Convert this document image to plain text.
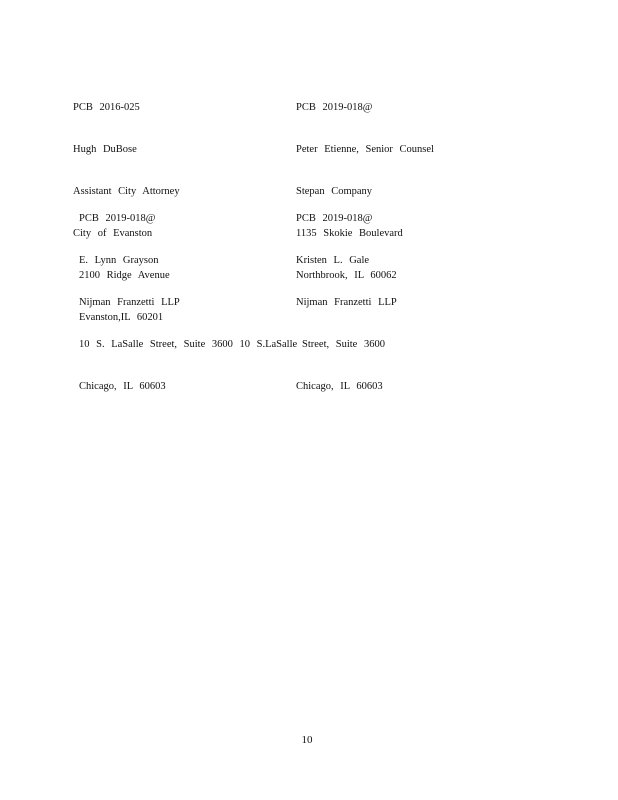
PCB 2016-025

Hugh DuBose

Assistant City Attorney

City of Evanston

2100 Ridge Avenue

Evanston,IL 60201

PCB 2019-018@

Peter Etienne, Senior Counsel

Stepan Company

1135 Skokie Boulevard

Northbrook, IL 60062

PCB 2019-018@

E. Lynn Grayson

Nijman Franzetti LLP

10 S. LaSalle Street, Suite 3600 10 S.LaSalle

Chicago, IL 60603

PCB 2019-018@

Kristen L. Gale

Nijman Franzetti LLP

Street, Suite 3600

Chicago, IL 60603

10
